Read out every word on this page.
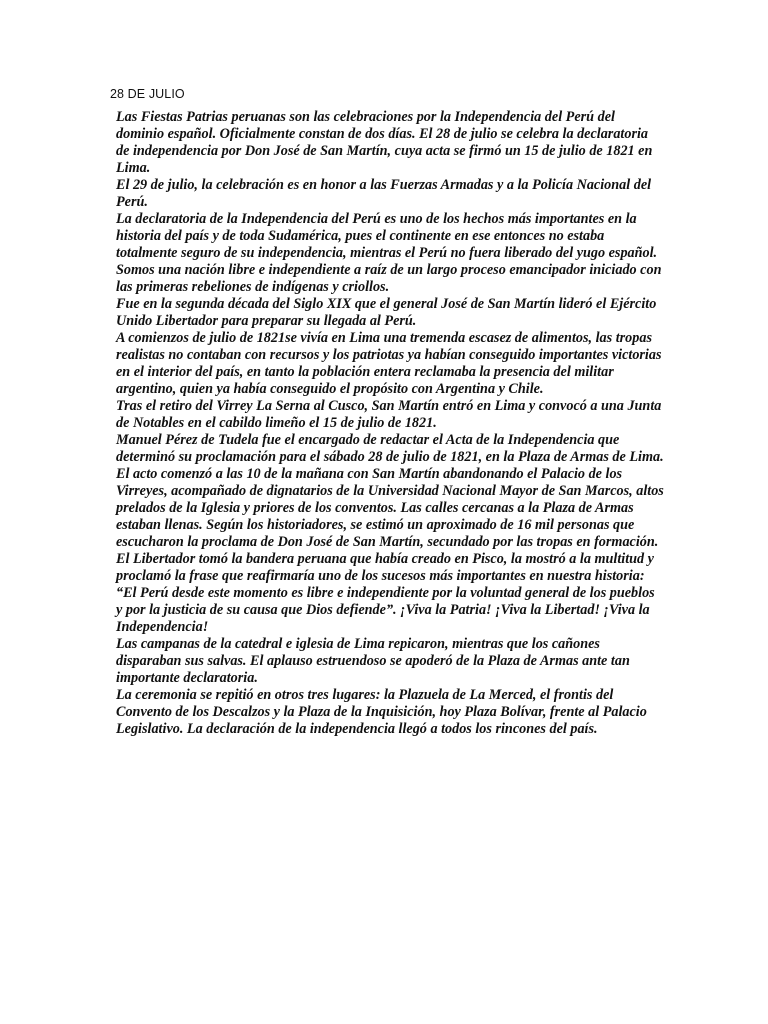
28 DE JULIO

Las Fiestas Patrias peruanas son las celebraciones por la Independencia del Perú del dominio español. Oficialmente constan de dos días. El 28 de julio se celebra la declaratoria de independencia por Don José de San Martín, cuya acta se firmó un 15 de julio de 1821 en Lima.

El 29 de julio, la celebración es en honor a las Fuerzas Armadas y a la Policía Nacional del Perú.

La declaratoria de la Independencia del Perú es uno de los hechos más importantes en la historia del país y de toda Sudamérica, pues el continente en ese entonces no estaba totalmente seguro de su independencia, mientras el Perú no fuera liberado del yugo español. Somos una nación libre e independiente a raíz de un largo proceso emancipador iniciado con las primeras rebeliones de indígenas y criollos.

Fue en la segunda década del Siglo XIX que el general José de San Martín lideró el Ejército Unido Libertador para preparar su llegada al Perú.

A comienzos de julio de 1821se vivía en Lima una tremenda escasez de alimentos, las tropas realistas no contaban con recursos y los patriotas ya habían conseguido importantes victorias en el interior del país, en tanto la población entera reclamaba la presencia del militar argentino, quien ya había conseguido el propósito con Argentina y Chile.

Tras el retiro del Virrey La Serna al Cusco, San Martín entró en Lima y convocó a una Junta de Notables en el cabildo limeño el 15 de julio de 1821.

Manuel Pérez de Tudela fue el encargado de redactar el Acta de la Independencia que determinó su proclamación para el sábado 28 de julio de 1821, en la Plaza de Armas de Lima.

El acto comenzó a las 10 de la mañana con San Martín abandonando el Palacio de los Virreyes, acompañado de dignatarios de la Universidad Nacional Mayor de San Marcos, altos prelados de la Iglesia y priores de los conventos. Las calles cercanas a la Plaza de Armas estaban llenas. Según los historiadores, se estimó un aproximado de 16 mil personas que escucharon la proclama de Don José de San Martín, secundado por las tropas en formación.

El Libertador tomó la bandera peruana que había creado en Pisco, la mostró a la multitud y proclamó la frase que reafirmaría uno de los sucesos más importantes en nuestra historia: “El Perú desde este momento es libre e independiente por la voluntad general de los pueblos y por la justicia de su causa que Dios defiende”. ¡Viva la Patria! ¡Viva la Libertad! ¡Viva la Independencia!

Las campanas de la catedral e iglesia de Lima repicaron, mientras que los cañones disparaban sus salvas. El aplauso estruendoso se apoderó de la Plaza de Armas ante tan importante declaratoria.

La ceremonia se repitió en otros tres lugares: la Plazuela de La Merced, el frontis del Convento de los Descalzos y la Plaza de la Inquisición, hoy Plaza Bolívar, frente al Palacio Legislativo. La declaración de la independencia llegó a todos los rincones del país.
